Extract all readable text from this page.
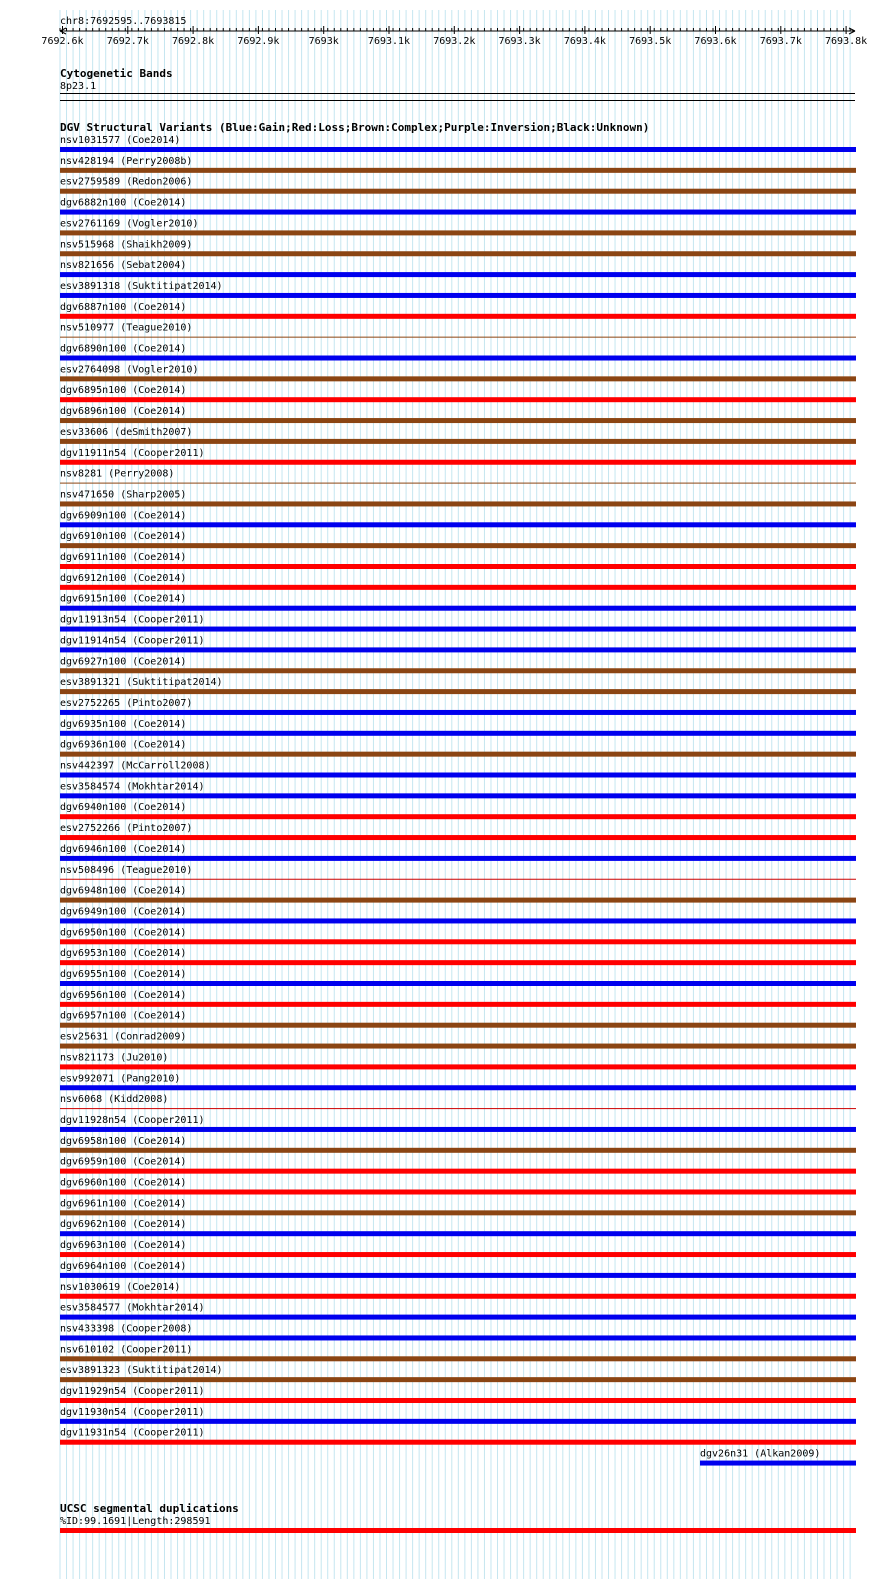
chr8:7692595..7693815
7692.6k 7692.7k 7692.8k 7692.9k	7693k	7693.1k 7693.2k 7693.3k 7693.4k 7693.5k 7693.6k 7693.7k 7693.8k
Cytogenetic Bands
8p23.1
DGV Structural Variants (Blue:Gain;Red:Loss;Brown:Complex;Purple:Inversion;Black:Unknown)
nsv1031577 (Coe2014)
nsv428194 (Perry2008b)
esv2759589 (Redon2006)
dgv6882n100 (Coe2014)
esv2761169 (Vogler2010)
nsv515968 (Shaikh2009)
nsv821656 (Sebat2004)
esv3891318 (Suktitipat2014)
dgv6887n100 (Coe2014)
nsv510977 (Teague2010)
dgv6890n100 (Coe2014)
esv2764098 (Vogler2010)
dgv6895n100 (Coe2014)
dgv6896n100 (Coe2014)
esv33606 (deSmith2007)
dgv11911n54 (Cooper2011)
nsv8281 (Perry2008)
nsv471650 (Sharp2005)
dgv6909n100 (Coe2014)
dgv6910n100 (Coe2014)
dgv6911n100 (Coe2014)
dgv6912n100 (Coe2014)
dgv6915n100 (Coe2014)
dgv11913n54 (Cooper2011)
dgv11914n54 (Cooper2011)
dgv6927n100 (Coe2014)
esv3891321 (Suktitipat2014)
esv2752265 (Pinto2007)
dgv6935n100 (Coe2014)
dgv6936n100 (Coe2014)
nsv442397 (McCarroll2008)
esv3584574 (Mokhtar2014)
dgv6940n100 (Coe2014)
esv2752266 (Pinto2007)
dgv6946n100 (Coe2014)
nsv508496 (Teague2010)
dgv6948n100 (Coe2014)
dgv6949n100 (Coe2014)
dgv6950n100 (Coe2014)
dgv6953n100 (Coe2014)
dgv6955n100 (Coe2014)
dgv6956n100 (Coe2014)
dgv6957n100 (Coe2014)
esv25631 (Conrad2009)
nsv821173 (Ju2010)
esv992071 (Pang2010)
nsv6068 (Kidd2008)
dgv11928n54 (Cooper2011)
dgv6958n100 (Coe2014)
dgv6959n100 (Coe2014)
dgv6960n100 (Coe2014)
dgv6961n100 (Coe2014)
dgv6962n100 (Coe2014)
dgv6963n100 (Coe2014)
dgv6964n100 (Coe2014)
nsv1030619 (Coe2014)
esv3584577 (Mokhtar2014)
nsv433398 (Cooper2008)
nsv610102 (Cooper2011)
esv3891323 (Suktitipat2014)
dgv11929n54 (Cooper2011)
dgv11930n54 (Cooper2011)
dgv11931n54 (Cooper2011)
dgv26n31 (Alkan2009)
UCSC segmental duplications
%ID:99.1691|Length:298591
